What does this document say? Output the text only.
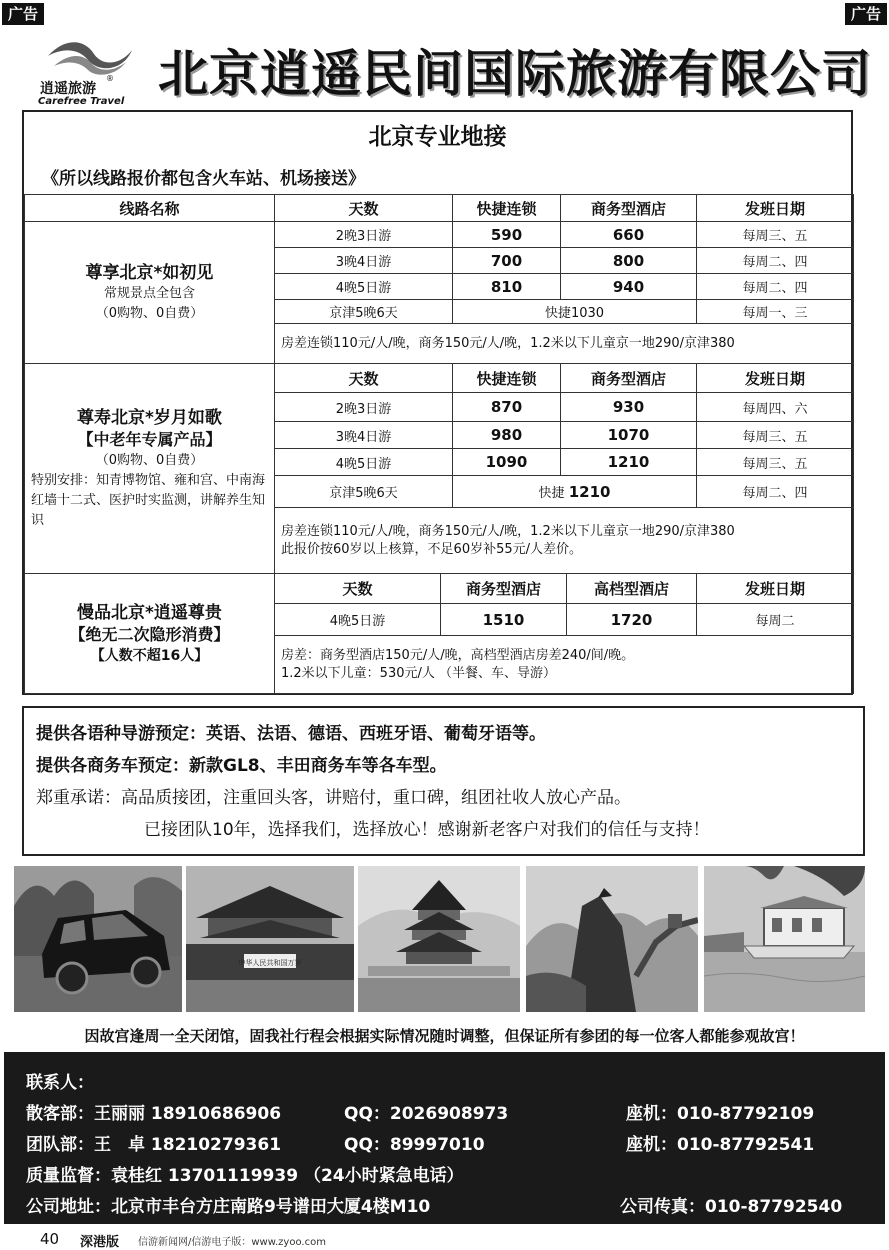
广告	广告
逍遥旅游
®
Carefree Travel 北京逍遥民间国际旅游有限公司
北京专业地接
《所以线路报价都包含火车站、机场接送》
线路名称	天数	快捷连锁	商务型酒店	发班日期

尊享北京*如初见
常规景点全包含
（0购物、0自费）	2晚3日游	590	660	每周三、五
	3晚4日游	700	800	每周二、四
	4晚5日游	810	940	每周二、四
	京津5晚6天	快捷1030		每周一、三
	房差连锁110元/人/晚，商务150元/人/晚，1.2米以下儿童京一地290/京津380			
尊寿北京*岁月如歌
【中老年专属产品】
（0购物、0自费）
特别安排：知青博物馆、雍和宫、中南海红墙十二式、医护时实监测，讲解养生知识	天数	快捷连锁	商务型酒店	发班日期
	2晚3日游	870	930	每周四、六
	3晚4日游	980	1070	每周三、五
	4晚5日游	1090	1210	每周三、五
	京津5晚6天	快捷 1210		每周二、四

	房差连锁110元/人/晚，商务150元/人/晚，1.2米以下儿童京一地290/京津380
此报价按60岁以上核算，不足60岁补55元/人差价。			
慢品北京*逍遥尊贵
【绝无二次隐形消费】
【人数不超16人】	天数	商务型酒店	高档型酒店	发班日期
	4晚5日游	1510	1720	每周二

	房差：商务型酒店150元/人/晚，高档型酒店房差240/间/晚。
1.2米以下儿童：530元/人 （半餐、车、导游）			
提供各语种导游预定：英语、法语、德语、西班牙语、葡萄牙语等。
提供各商务车预定：新款GL8、丰田商务车等各车型。
郑重承诺：高品质接团，注重回头客，讲赔付，重口碑，组团社收人放心产品。
已接团队10年，选择我们，选择放心！感谢新老客户对我们的信任与支持！
中华人民共和国万岁
因故宫逢周一全天闭馆，固我社行程会根据实际情况随时调整，但保证所有参团的每一位客人都能参观故宫！
联系人：
散客部：王丽丽 18910686906	QQ：2026908973	座机：010-87792109
团队部：王　卓 18210279361	QQ：89997010	座机：010-87792541
质量监督：袁桂红 13701119939 （24小时紧急电话）
公司地址：北京市丰台方庄南路9号谱田大厦4楼M10	公司传真：010-87792540
40 深港版 信游新闻网/信游电子版：www.zyoo.com
